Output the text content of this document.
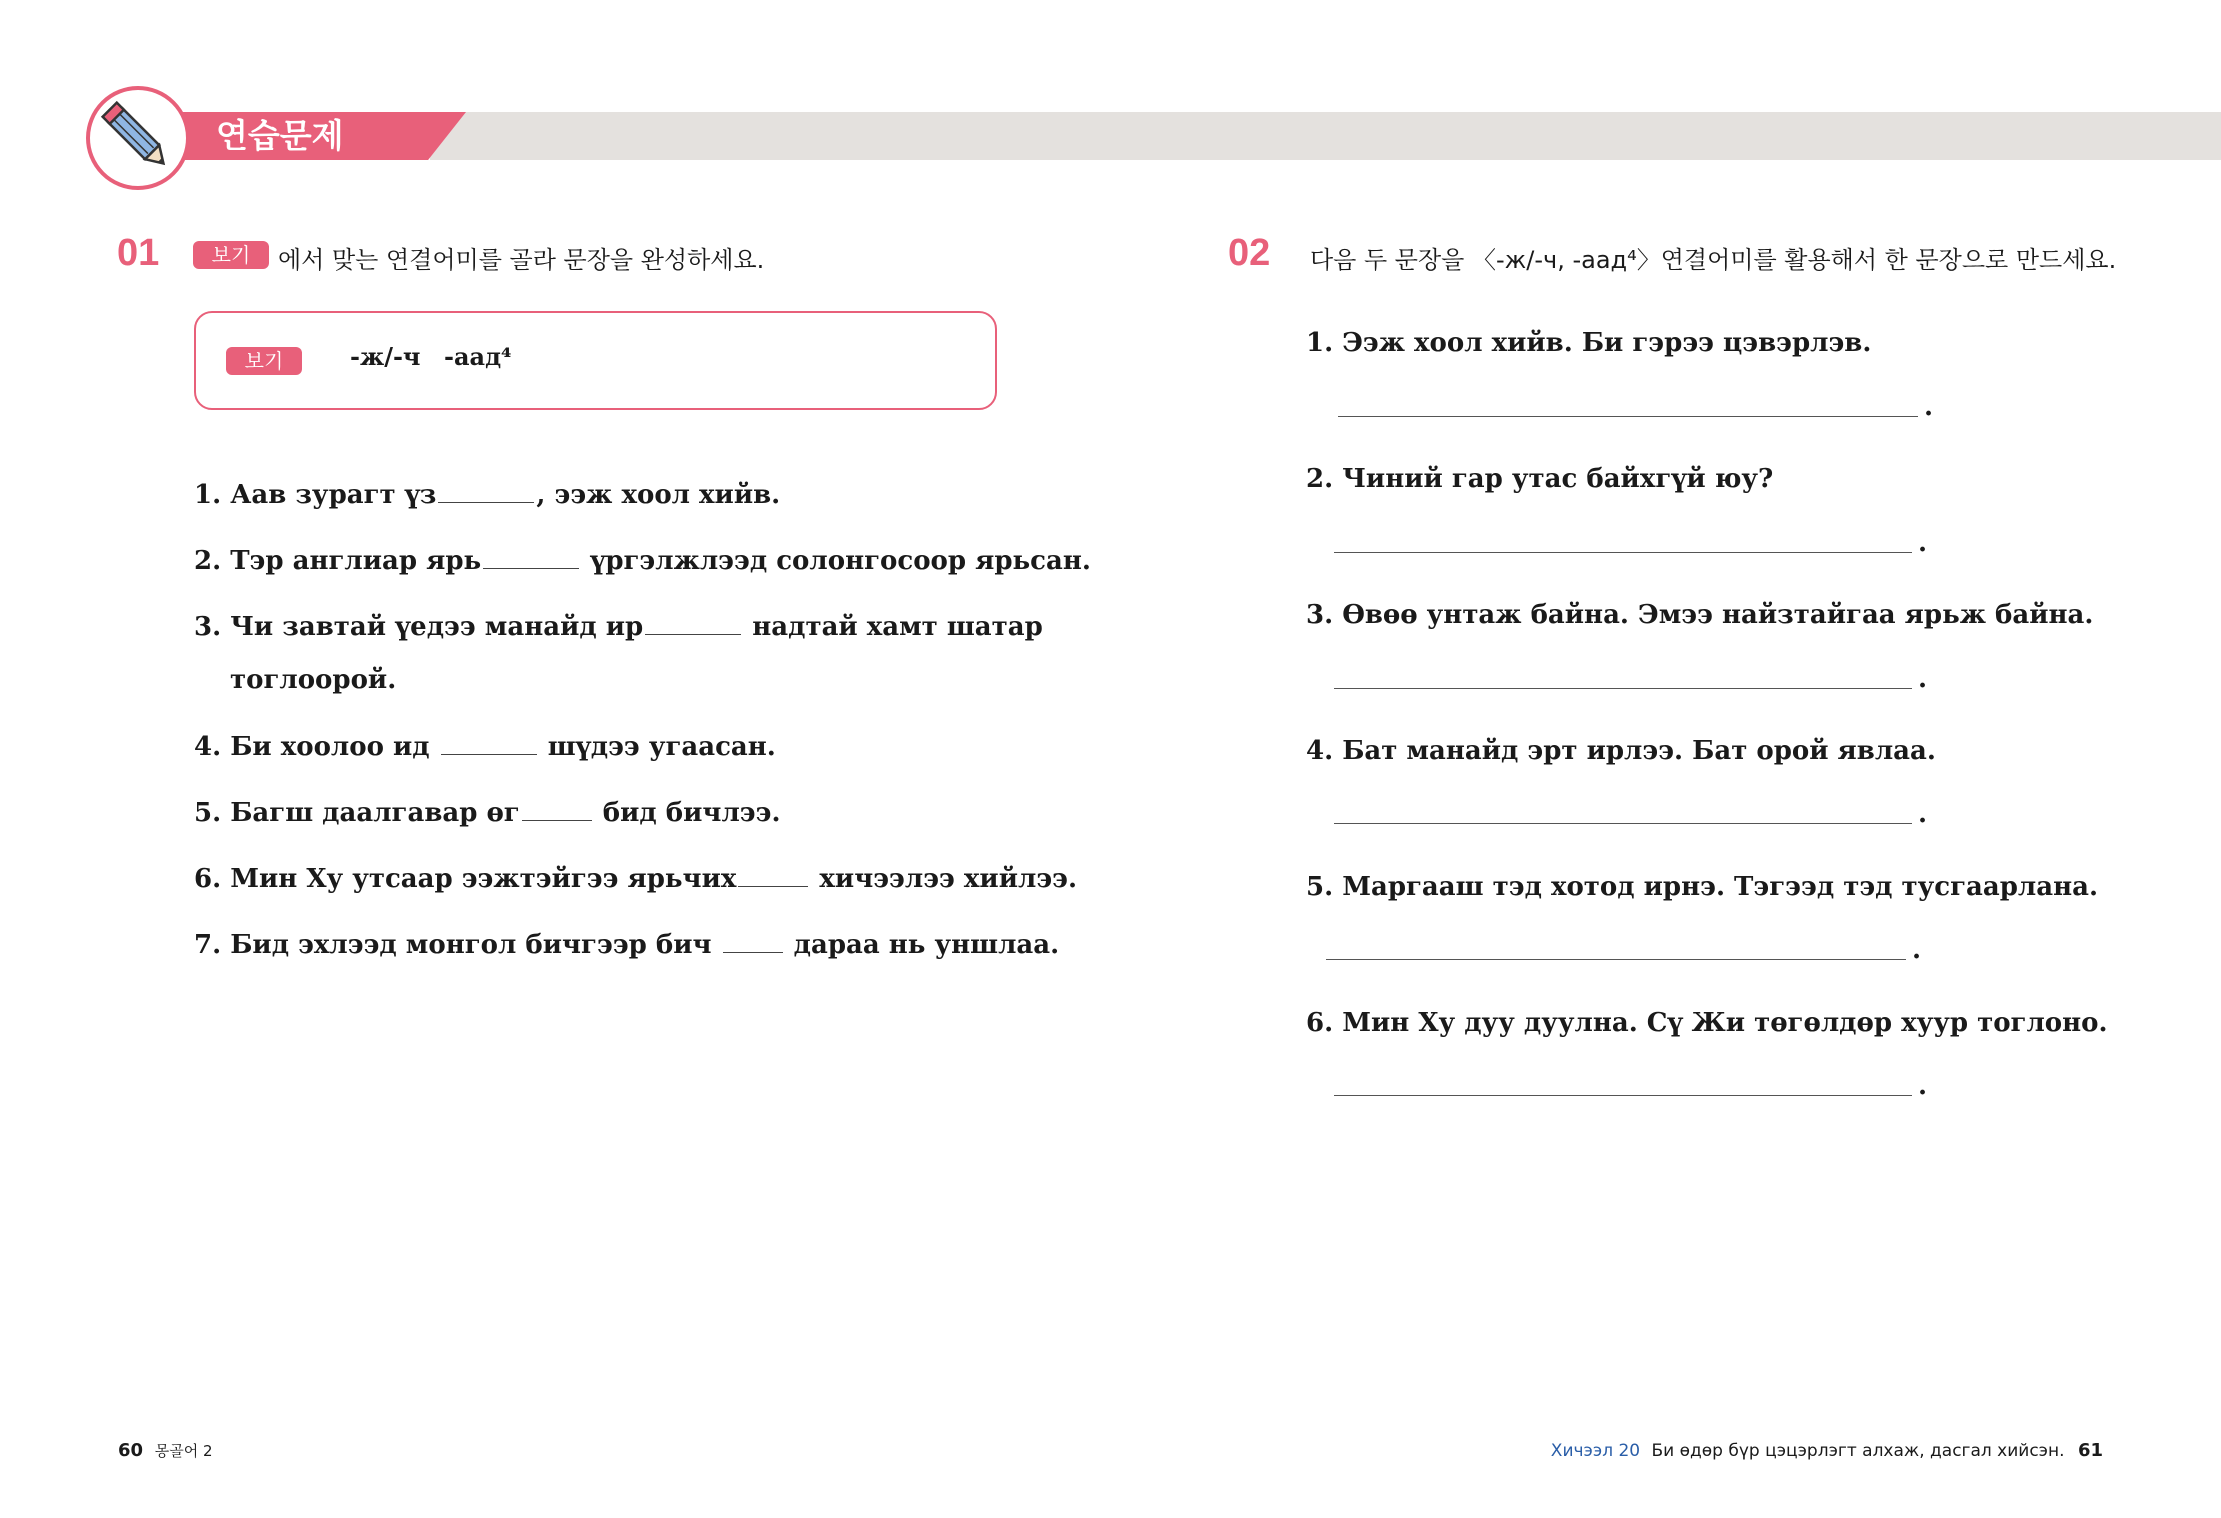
연습문제
01	보기	에서 맞는 연결어미를 골라 문장을 완성하세요.
보기	-ж/-ч -аад⁴
1. Аав зурагт үз	, ээж хоол хийв.
2. Тэр англиар ярь	үргэлжлээд солонгосоор ярьсан.
3. Чи завтай үедээ манайд ир	надтай хамт шатар
тоглоорой.
4. Би хоолоо ид	шүдээ угаасан.
5. Багш даалгавар өг	бид бичлээ.
6. Мин Ху утсаар ээжтэйгээ ярьчих	хичээлээ хийлээ.
7. Бид эхлээд монгол бичгээр бич  дараа нь уншлаа.
02 다음 두 문장을 〈-ж/-ч, -аад⁴〉연결어미를 활용해서 한 문장으로 만드세요.
1. Ээж хоол хийв. Би гэрээ цэвэрлэв.
.
2. Чиний гар утас байхгүй юу?
.
3. Өвөө унтаж байна. Эмээ найзтайгаа ярьж байна.
.
4. Бат манайд эрт ирлээ. Бат орой явлаа.
.
5. Маргааш тэд хотод ирнэ. Тэгээд тэд тусгаарлана.
.
6. Мин Ху дуу дуулна. Сү Жи төгөлдөр хуур тоглоно.
.
60 몽골어 2	Хичээл 20 Би өдөр бүр цэцэрлэгт алхаж, дасгал хийсэн. 61
